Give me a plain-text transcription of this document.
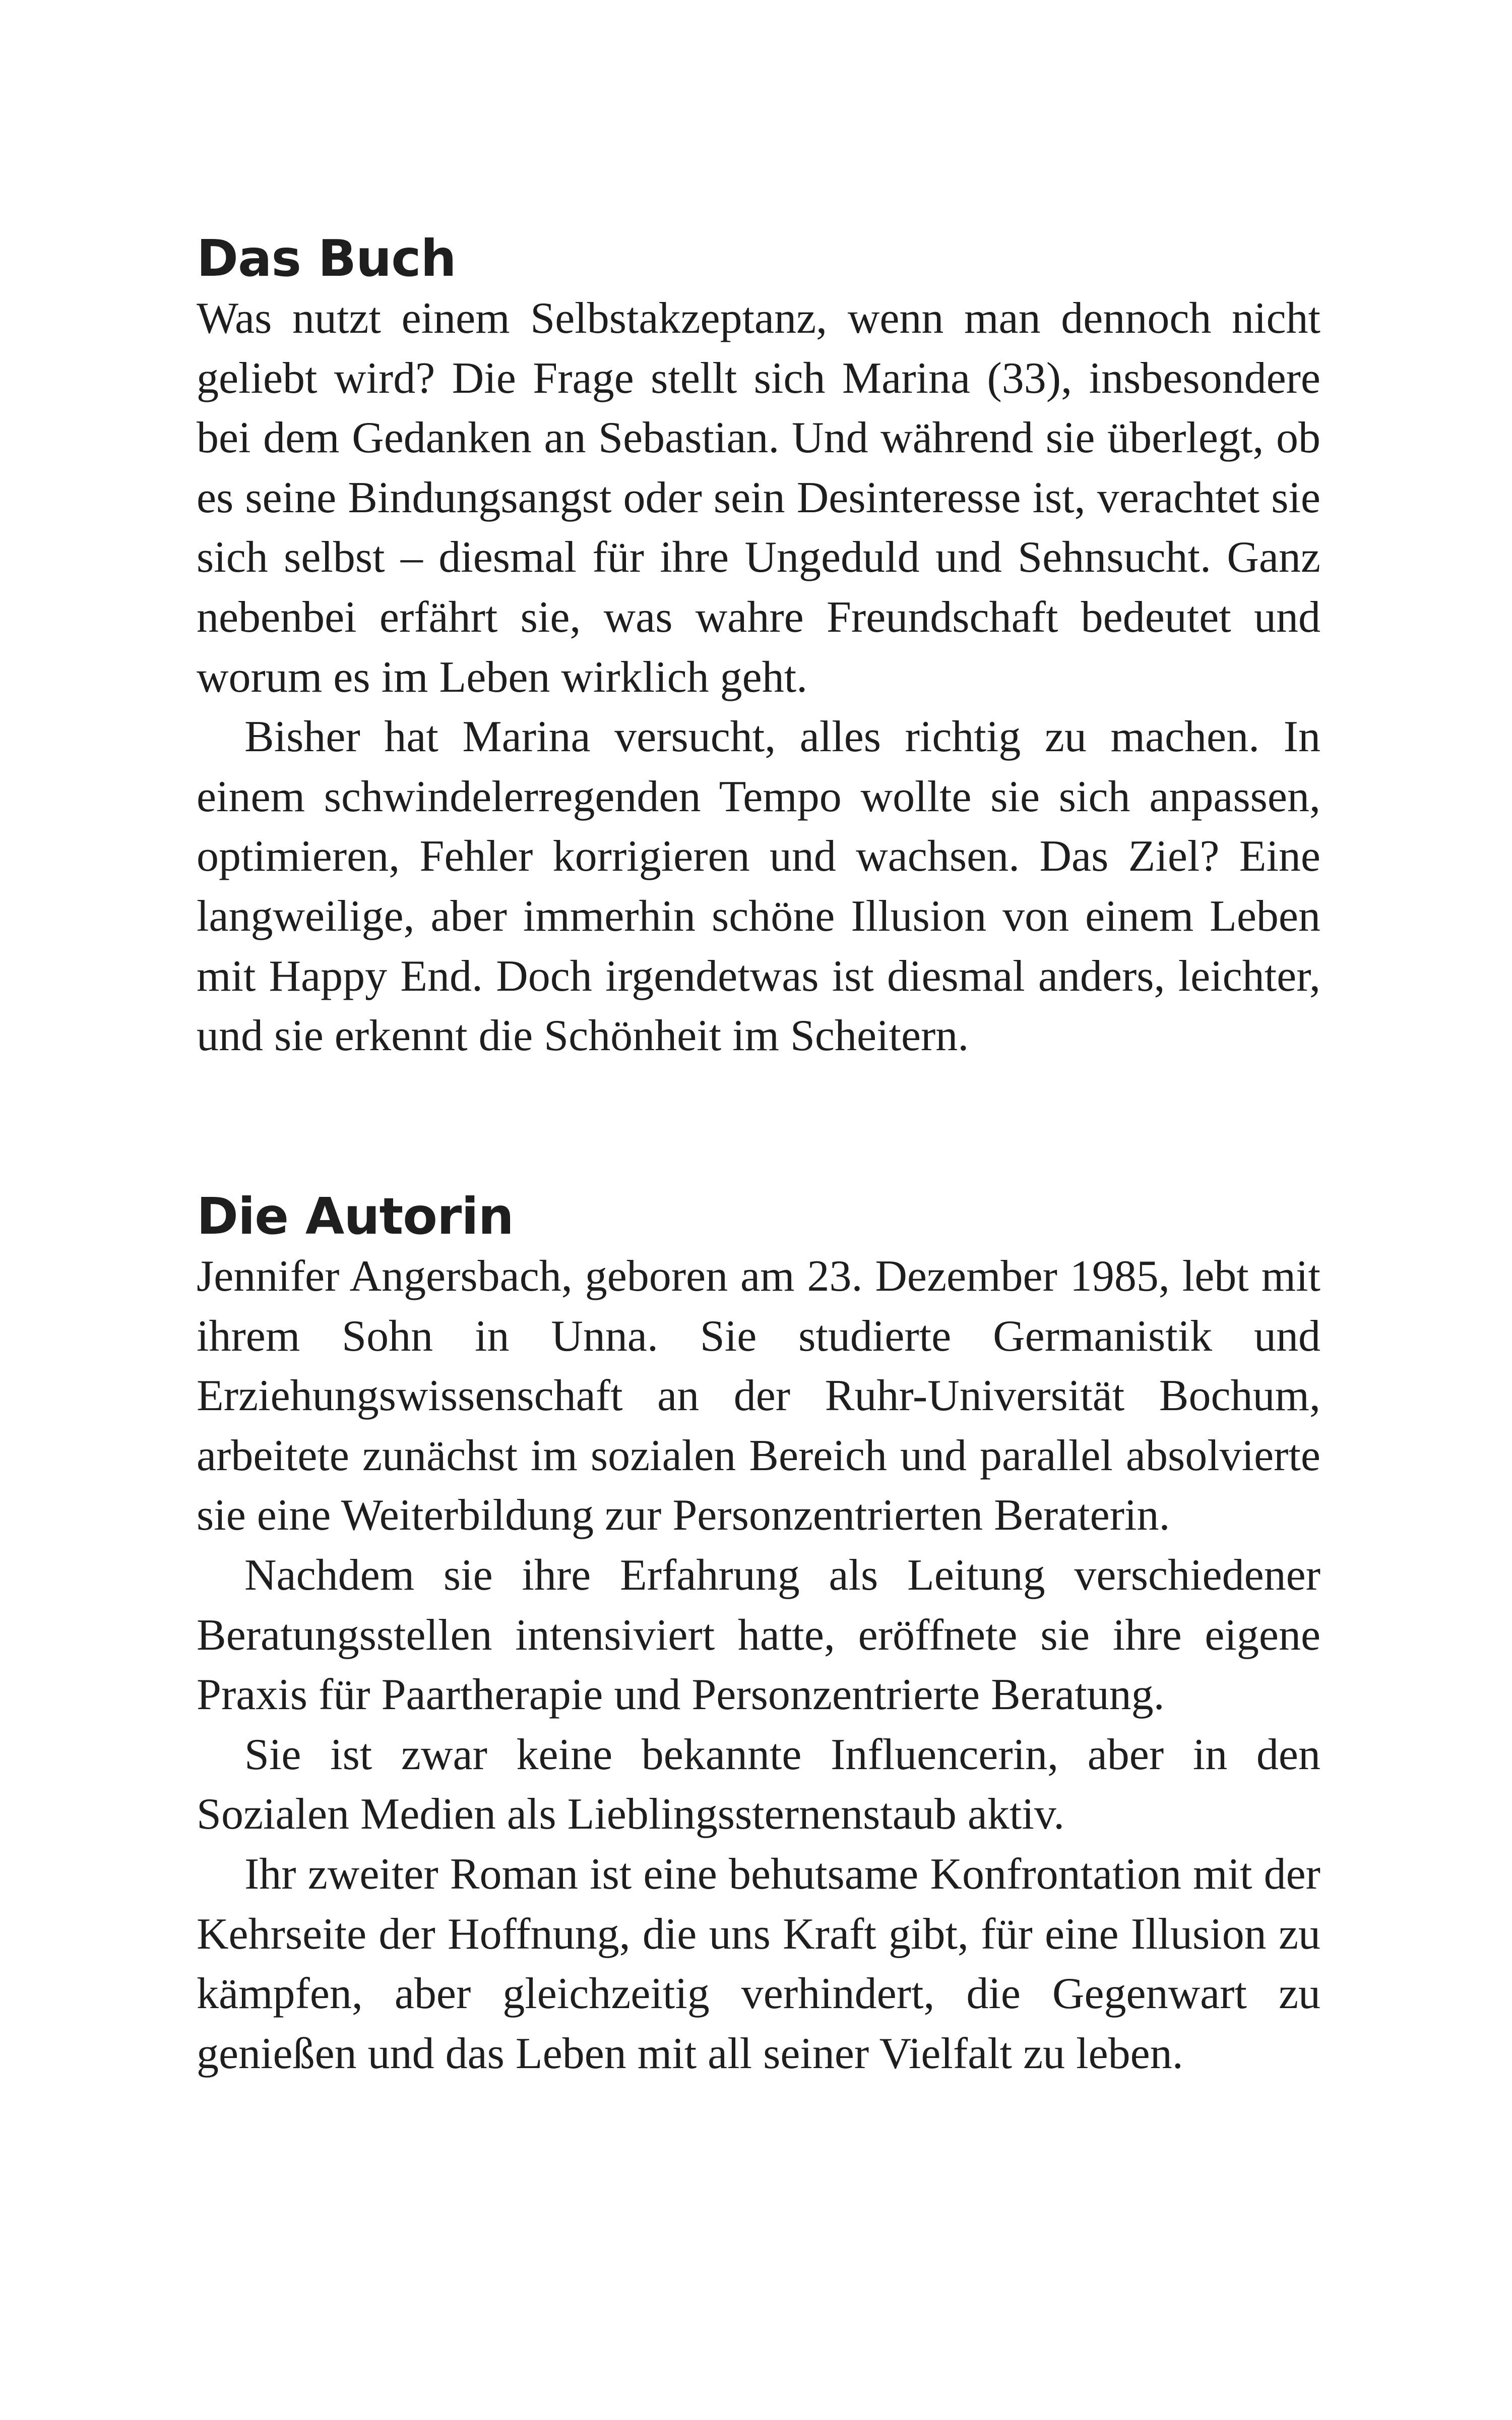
Das Buch

Was nutzt einem Selbstakzeptanz, wenn man dennoch nicht geliebt wird? Die Frage stellt sich Marina (33), insbesondere bei dem Gedanken an Sebastian. Und während sie überlegt, ob es seine Bindungsangst oder sein Desinteresse ist, verachtet sie sich selbst – diesmal für ihre Ungeduld und Sehnsucht. Ganz nebenbei erfährt sie, was wahre Freundschaft bedeutet und worum es im Leben wirklich geht.

Bisher hat Marina versucht, alles richtig zu machen. In einem schwindelerregenden Tempo wollte sie sich anpassen, optimieren, Fehler korrigieren und wachsen. Das Ziel? Eine langweilige, aber immerhin schöne Illusion von einem Leben mit Happy End. Doch irgendetwas ist diesmal anders, leichter, und sie erkennt die Schönheit im Scheitern.

Die Autorin

Jennifer Angersbach, geboren am 23. Dezember 1985, lebt mit ihrem Sohn in Unna. Sie studierte Germanistik und Erziehungswissenschaft an der Ruhr-Universität Bochum, arbeitete zunächst im sozialen Bereich und parallel absolvierte sie eine Weiterbildung zur Personzentrierten Beraterin.

Nachdem sie ihre Erfahrung als Leitung verschiedener Beratungsstellen intensiviert hatte, eröffnete sie ihre eigene Praxis für Paartherapie und Personzentrierte Beratung.

Sie ist zwar keine bekannte Influencerin, aber in den Sozialen Medien als Lieblingssternenstaub aktiv.

Ihr zweiter Roman ist eine behutsame Konfrontation mit der Kehrseite der Hoffnung, die uns Kraft gibt, für eine Illusion zu kämpfen, aber gleichzeitig verhindert, die Gegenwart zu genießen und das Leben mit all seiner Vielfalt zu leben.
